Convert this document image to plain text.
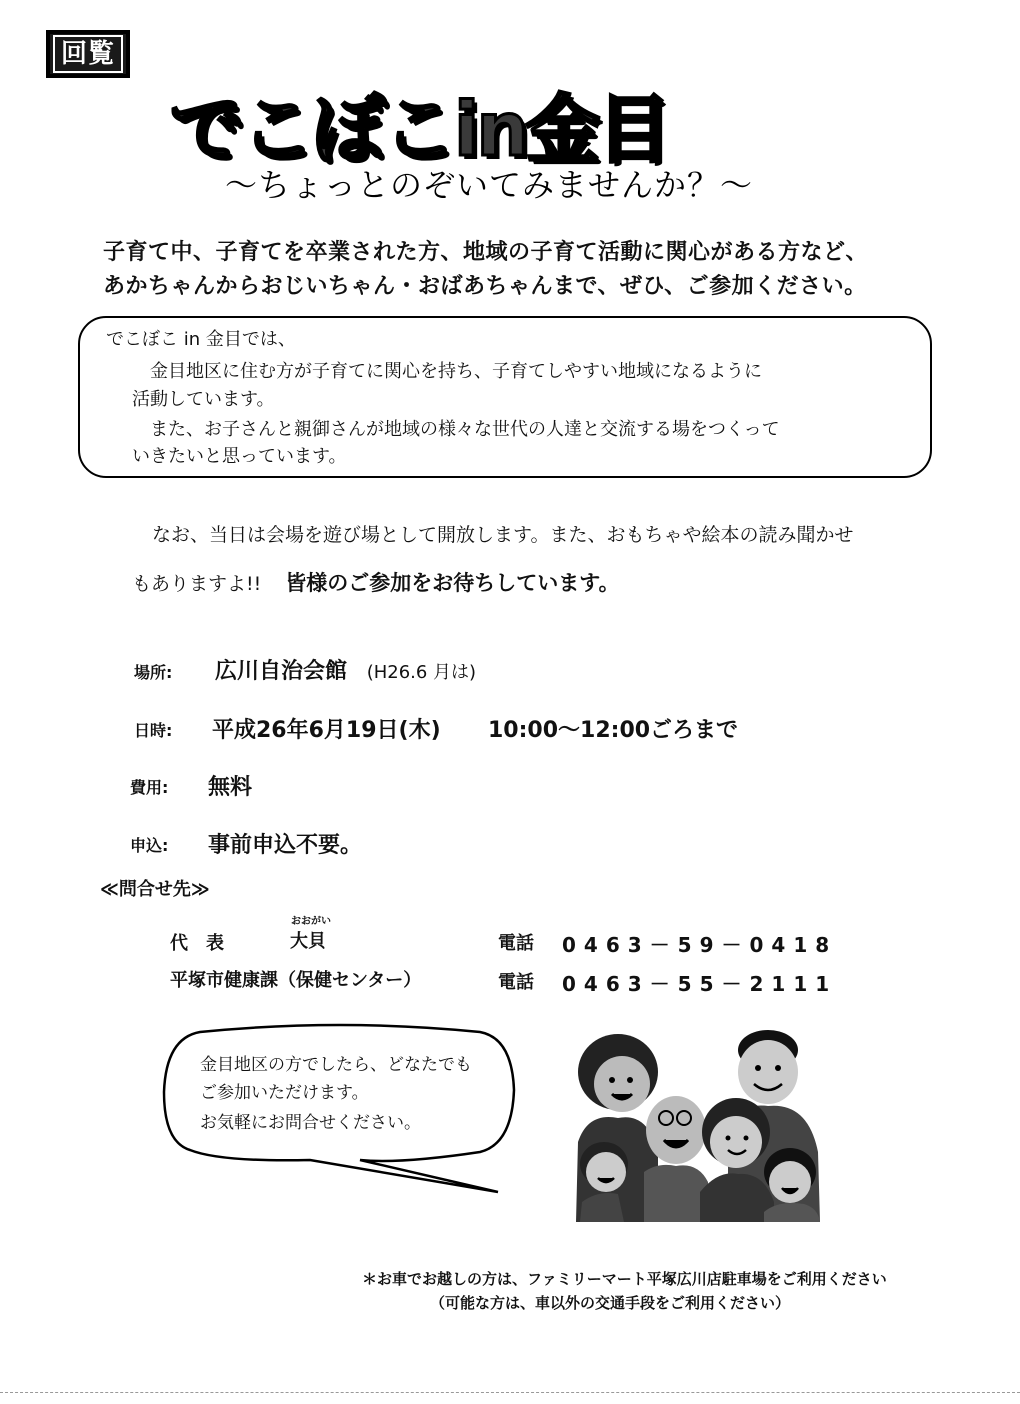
回覧
でこぼこin金目
～ちょっとのぞいてみませんか？～
子育て中、子育てを卒業された方、地域の子育て活動に関心がある方など、
あかちゃんからおじいちゃん・おばあちゃんまで、ぜひ、ご参加ください。
でこぼこ in 金目では、
金目地区に住む方が子育てに関心を持ち、子育てしやすい地域になるように
活動しています。
また、お子さんと親御さんが地域の様々な世代の人達と交流する場をつくって
いきたいと思っています。
なお、当日は会場を遊び場として開放します。また、おもちゃや絵本の読み聞かせ
もありますよ!! 皆様のご参加をお待ちしています。
場所: 広川自治会館 (H26.6 月は)
日時: 平成26年6月19日(木) 10:00～12:00ごろまで
費用: 無料
申込: 事前申込不要。
≪問合せ先≫
代　表
おおがい
大貝	電話 0463－59－0418
平塚市健康課（保健センター）	電話 0463－55－2111
金目地区の方でしたら、どなたでも
ご参加いただけます。
お気軽にお問合せください。
＊お車でお越しの方は、ファミリーマート平塚広川店駐車場をご利用ください
（可能な方は、車以外の交通手段をご利用ください）
